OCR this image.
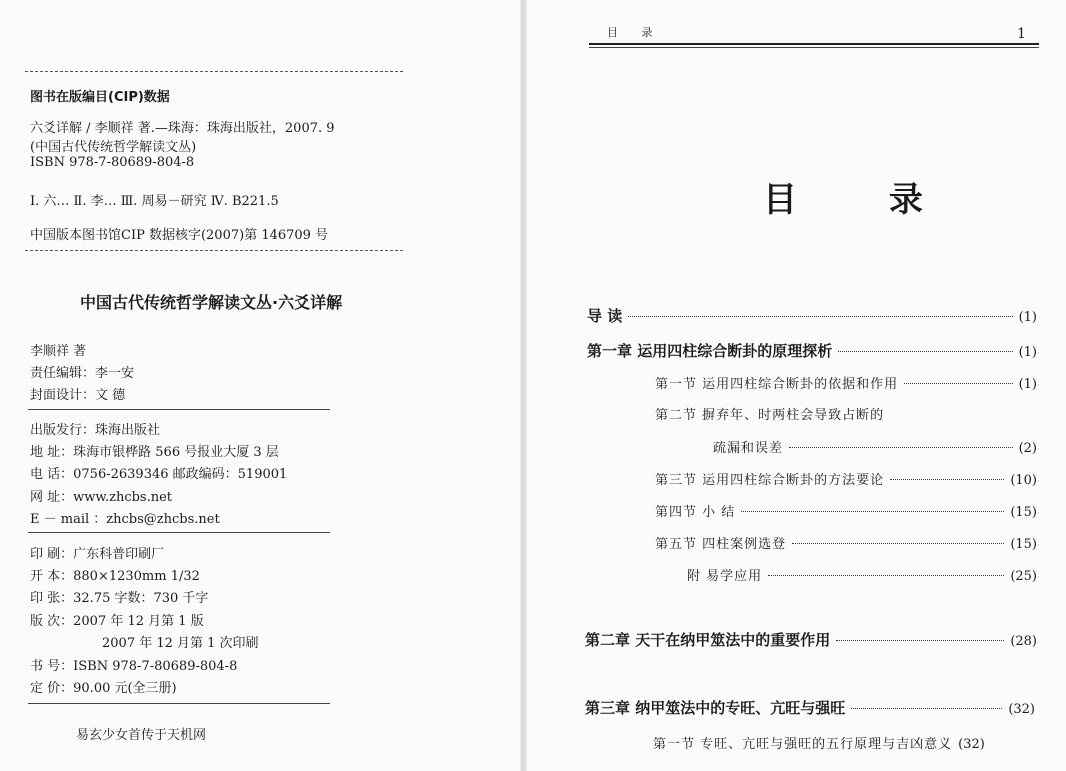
图书在版编目(CIP)数据
六爻详解 / 李顺祥 著.—珠海：珠海出版社，2007. 9
(中国古代传统哲学解读文丛)
ISBN 978-7-80689-804-8
Ⅰ. 六… Ⅱ. 李… Ⅲ. 周易－研究 Ⅳ. B221.5
中国版本图书馆CIP 数据核字(2007)第 146709 号
中国古代传统哲学解读文丛·六爻详解
李顺祥 著
责任编辑：李一安
封面设计：文 德
出版发行：珠海出版社
地 址：珠海市银桦路 566 号报业大厦 3 层
电 话：0756-2639346 邮政编码：519001
网 址：www.zhcbs.net
E － mail ：zhcbs@zhcbs.net
印 刷：广东科普印刷厂
开 本：880×1230mm 1/32
印 张：32.75 字数：730 千字
版 次：2007 年 12 月第 1 版
2007 年 12 月第 1 次印刷
书 号：ISBN 978-7-80689-804-8
定 价：90.00 元(全三册)
易玄少女首传于天机网
目 录	1
目 录
导 读	(1)
第一章 运用四柱综合断卦的原理探析	(1)
第一节 运用四柱综合断卦的依据和作用	(1)
第二节 摒弃年、时两柱会导致占断的
疏漏和误差	(2)
第三节 运用四柱综合断卦的方法要论	(10)
第四节 小 结	(15)
第五节 四柱案例选登	(15)
附 易学应用	(25)
第二章 天干在纳甲筮法中的重要作用	(28)
第三章 纳甲筮法中的专旺、亢旺与强旺	(32)
第一节 专旺、亢旺与强旺的五行原理与吉凶意义 (32)
